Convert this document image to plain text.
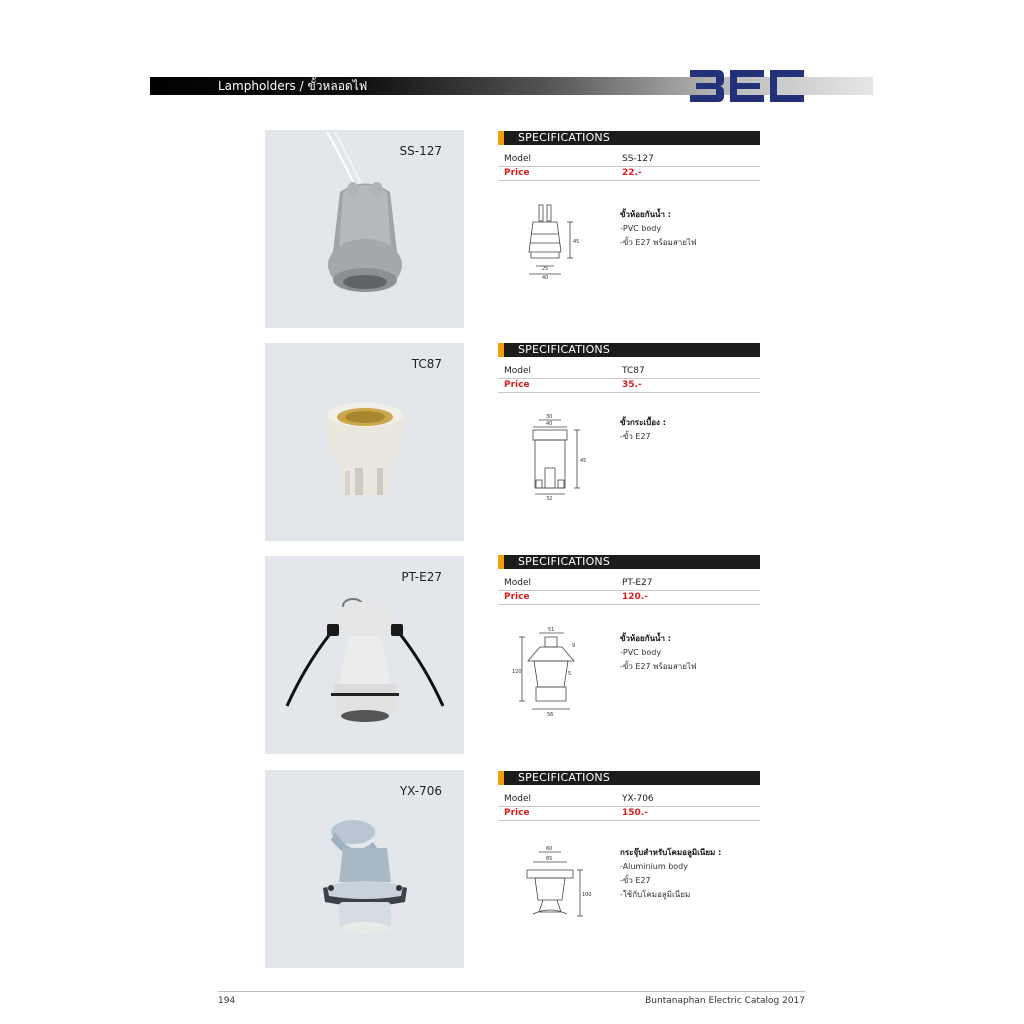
Lampholders / ขั้วหลอดไฟ
SS-127
SPECIFICATIONS
Model	SS-127
Price	22.-
45
25
40
ขั้วห้อยกันน้ำ :
-PVC body
-ขั้ว E27 พร้อมสายไฟ
TC87
SPECIFICATIONS
Model	TC87
Price	35.-
30
40
45
32
ขั้วกระเบื้อง :
-ขั้ว E27
PT-E27
SPECIFICATIONS
Model	PT-E27
Price	120.-
51
9
120	5
56
ขั้วห้อยกันน้ำ :
-PVC body
-ขั้ว E27 พร้อมสายไฟ
YX-706
SPECIFICATIONS
Model	YX-706
Price	150.-
60
85
100
กระจุ๊บสำหรับโคมอลูมิเนียม :
-Aluminium body
-ขั้ว E27
-ใช้กับโคมอลูมิเนียม
194	Buntanaphan Electric Catalog 2017
